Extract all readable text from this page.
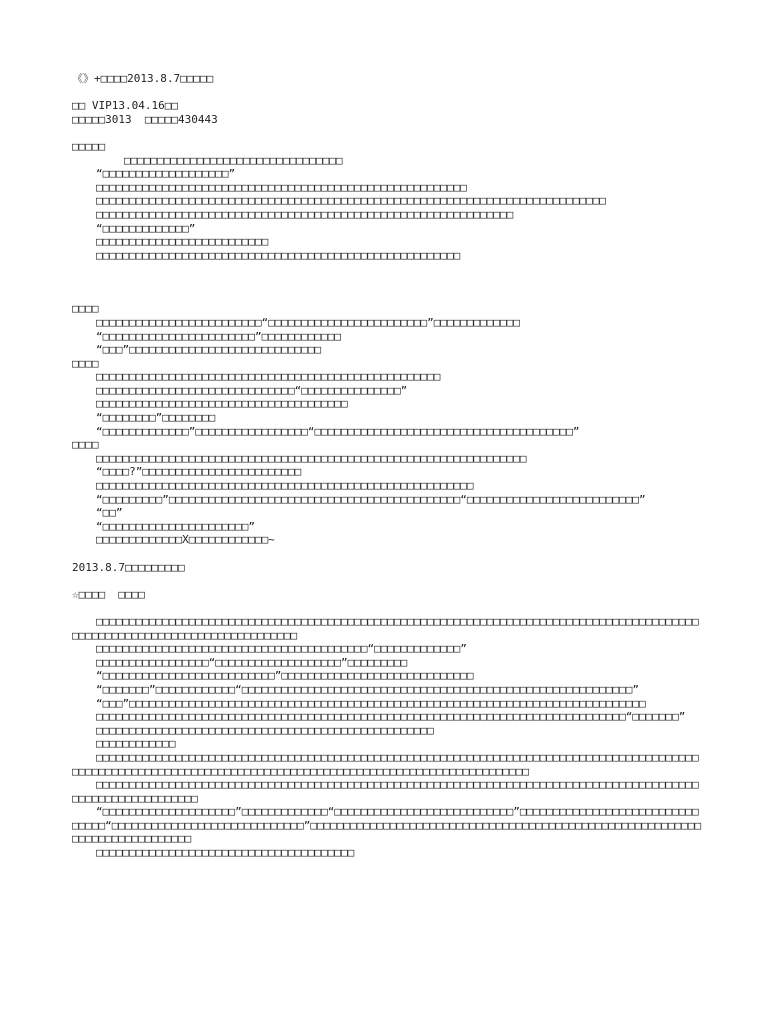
《》+□□□□2013.8.7□□□□□
□□ VIP13.04.16□□
□□□□□3013  □□□□□430443
□□□□□
□□□□□□□□□□□□□□□□□□□□□□□□□□□□□□□□□
“□□□□□□□□□□□□□□□□□□□”
□□□□□□□□□□□□□□□□□□□□□□□□□□□□□□□□□□□□□□□□□□□□□□□□□□□□□□□□
□□□□□□□□□□□□□□□□□□□□□□□□□□□□□□□□□□□□□□□□□□□□□□□□□□□□□□□□□□□□□□□□□□□□□□□□□□□□□
□□□□□□□□□□□□□□□□□□□□□□□□□□□□□□□□□□□□□□□□□□□□□□□□□□□□□□□□□□□□□□□
“□□□□□□□□□□□□□”
□□□□□□□□□□□□□□□□□□□□□□□□□□
□□□□□□□□□□□□□□□□□□□□□□□□□□□□□□□□□□□□□□□□□□□□□□□□□□□□□□□
□□□□
□□□□□□□□□□□□□□□□□□□□□□□□□“□□□□□□□□□□□□□□□□□□□□□□□□”□□□□□□□□□□□□□
“□□□□□□□□□□□□□□□□□□□□□□□”□□□□□□□□□□□□
“□□□”□□□□□□□□□□□□□□□□□□□□□□□□□□□□□
□□□□
□□□□□□□□□□□□□□□□□□□□□□□□□□□□□□□□□□□□□□□□□□□□□□□□□□□□
□□□□□□□□□□□□□□□□□□□□□□□□□□□□□□“□□□□□□□□□□□□□□□”
□□□□□□□□□□□□□□□□□□□□□□□□□□□□□□□□□□□□□□
“□□□□□□□□”□□□□□□□□
“□□□□□□□□□□□□□”□□□□□□□□□□□□□□□□□“□□□□□□□□□□□□□□□□□□□□□□□□□□□□□□□□□□□□□□□”
□□□□
□□□□□□□□□□□□□□□□□□□□□□□□□□□□□□□□□□□□□□□□□□□□□□□□□□□□□□□□□□□□□□□□□
“□□□□?”□□□□□□□□□□□□□□□□□□□□□□□□
□□□□□□□□□□□□□□□□□□□□□□□□□□□□□□□□□□□□□□□□□□□□□□□□□□□□□□□□□
“□□□□□□□□□”□□□□□□□□□□□□□□□□□□□□□□□□□□□□□□□□□□□□□□□□□□□□“□□□□□□□□□□□□□□□□□□□□□□□□□□”
“□□”
“□□□□□□□□□□□□□□□□□□□□□□”
□□□□□□□□□□□□□X□□□□□□□□□□□□~
2013.8.7□□□□□□□□□
☆□□□□  □□□□
□□□□□□□□□□□□□□□□□□□□□□□□□□□□□□□□□□□□□□□□□□□□□□□□□□□□□□□□□□□□□□□□□□□□□□□□□□□□□□□□□□□□□□□□□□□□□□□□□□□□□□□□□□□□□□□□□□□□□□□□□□□□□
□□□□□□□□□□□□□□□□□□□□□□□□□□□□□□□□□□□□□□□□□“□□□□□□□□□□□□□”
□□□□□□□□□□□□□□□□□“□□□□□□□□□□□□□□□□□□□”□□□□□□□□□
“□□□□□□□□□□□□□□□□□□□□□□□□□□”□□□□□□□□□□□□□□□□□□□□□□□□□□□□□
“□□□□□□□”□□□□□□□□□□□□“□□□□□□□□□□□□□□□□□□□□□□□□□□□□□□□□□□□□□□□□□□□□□□□□□□□□□□□□□□□”
“□□□”□□□□□□□□□□□□□□□□□□□□□□□□□□□□□□□□□□□□□□□□□□□□□□□□□□□□□□□□□□□□□□□□□□□□□□□□□□□□□□
□□□□□□□□□□□□□□□□□□□□□□□□□□□□□□□□□□□□□□□□□□□□□□□□□□□□□□□□□□□□□□□□□□□□□□□□□□□□□□□□“□□□□□□□”
□□□□□□□□□□□□□□□□□□□□□□□□□□□□□□□□□□□□□□□□□□□□□□□□□□□
□□□□□□□□□□□□
□□□□□□□□□□□□□□□□□□□□□□□□□□□□□□□□□□□□□□□□□□□□□□□□□□□□□□□□□□□□□□□□□□□□□□□□□□□□□□□□□□□□□□□□□□□□□□□□□□□□□□□□□□□□□□□□□□□□□□□□□□□□□□□□□□□□□□□□□□□□□□□□□□□□□□□□□□□□□□□□
□□□□□□□□□□□□□□□□□□□□□□□□□□□□□□□□□□□□□□□□□□□□□□□□□□□□□□□□□□□□□□□□□□□□□□□□□□□□□□□□□□□□□□□□□□□□□□□□□□□□□□□□□□□□□□
“□□□□□□□□□□□□□□□□□□□□”□□□□□□□□□□□□□“□□□□□□□□□□□□□□□□□□□□□□□□□□□”□□□□□□□□□□□□□□□□□□□□□□□□□□□□□□□□“□□□□□□□□□□□□□□□□□□□□□□□□□□□□□”□□□□□□□□□□□□□□□□□□□□□□□□□□□□□□□□□□□□□□□□□□□□□□□□□□□□□□□□□□□□□□□□□□□□□□□□□□□□□
□□□□□□□□□□□□□□□□□□□□□□□□□□□□□□□□□□□□□□□
